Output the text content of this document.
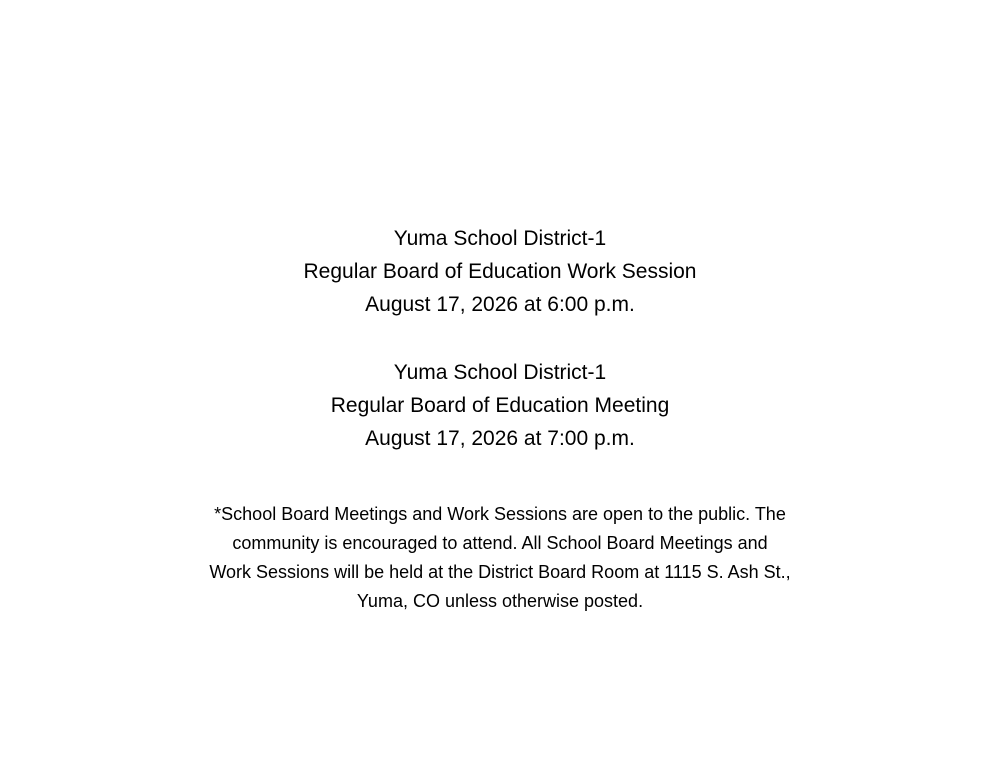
Yuma School District-1
Regular Board of Education Work Session
August 17, 2026 at 6:00 p.m.
Yuma School District-1
Regular Board of Education Meeting
August 17, 2026 at 7:00 p.m.
*School Board Meetings and Work Sessions are open to the public. The
community is encouraged to attend. All School Board Meetings and
Work Sessions will be held at the District Board Room at 1115 S. Ash St.,
Yuma, CO unless otherwise posted.
